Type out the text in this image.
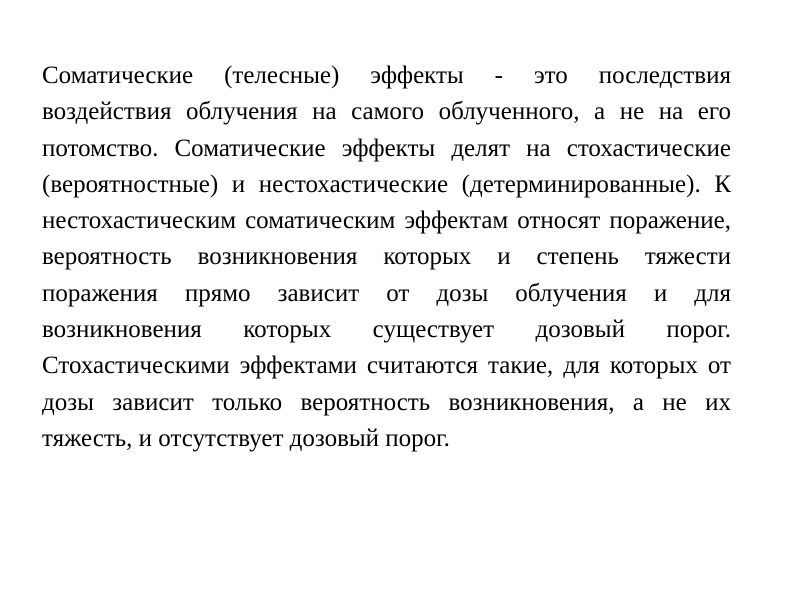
Соматические (телесные) эффекты - это последствия воздействия облучения на самого облученного, а не на его потомство. Соматические эффекты делят на стохастические (вероятностные) и нестохастические (детерминированные). К нестохастическим соматическим эффектам относят поражение, вероятность возникновения которых и степень тяжести поражения прямо зависит от дозы облучения и для возникновения которых существует дозовый порог. Стохастическими эффектами считаются такие, для которых от дозы зависит только вероятность возникновения, а не их тяжесть, и отсутствует дозовый порог.
